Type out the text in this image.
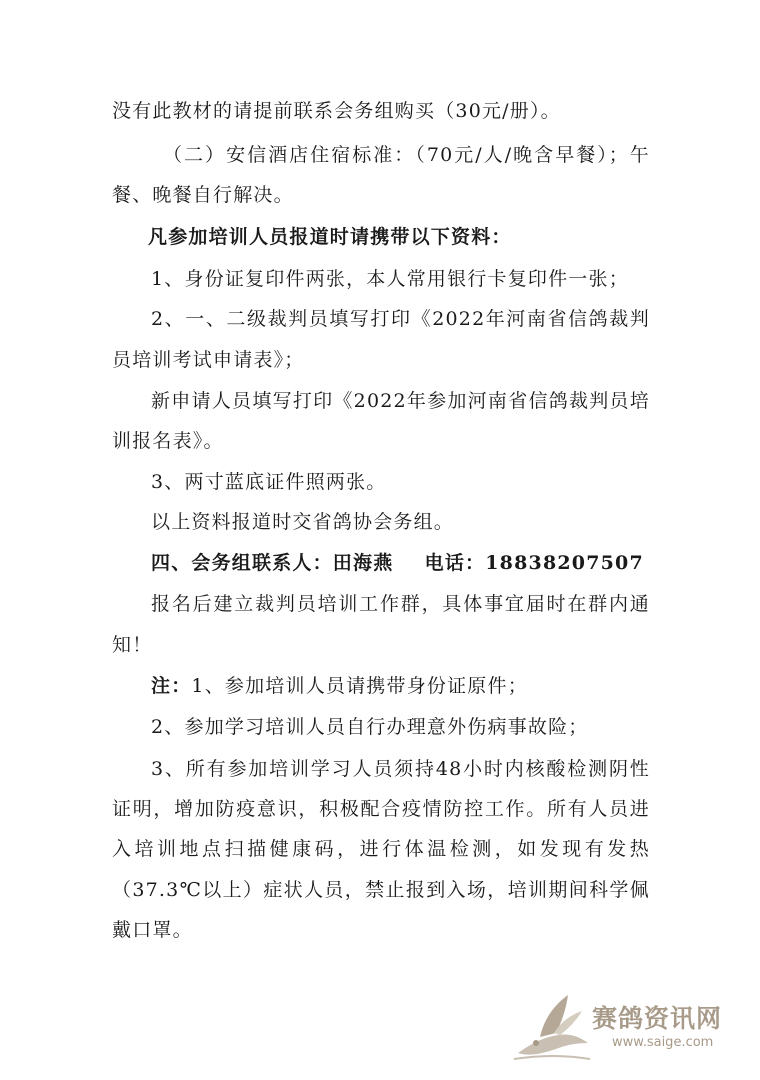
没有此教材的请提前联系会务组购买（30元/册）。
（二）安信酒店住宿标准：（70元/人/晚含早餐）；午
餐、晚餐自行解决。
凡参加培训人员报道时请携带以下资料：
1、身份证复印件两张，本人常用银行卡复印件一张；
2、一、二级裁判员填写打印《2022年河南省信鸽裁判
员培训考试申请表》；
新申请人员填写打印《2022年参加河南省信鸽裁判员培
训报名表》。
3、两寸蓝底证件照两张。
以上资料报道时交省鸽协会务组。
四、会务组联系人：田海燕    电话：18838207507
报名后建立裁判员培训工作群，具体事宜届时在群内通
知！
注：1、参加培训人员请携带身份证原件；
2、参加学习培训人员自行办理意外伤病事故险；
3、所有参加培训学习人员须持48小时内核酸检测阴性
证明，增加防疫意识，积极配合疫情防控工作。所有人员进
入培训地点扫描健康码，进行体温检测，如发现有发热
（37.3℃以上）症状人员，禁止报到入场，培训期间科学佩
戴口罩。
赛鸽资讯网
www.saige.com
